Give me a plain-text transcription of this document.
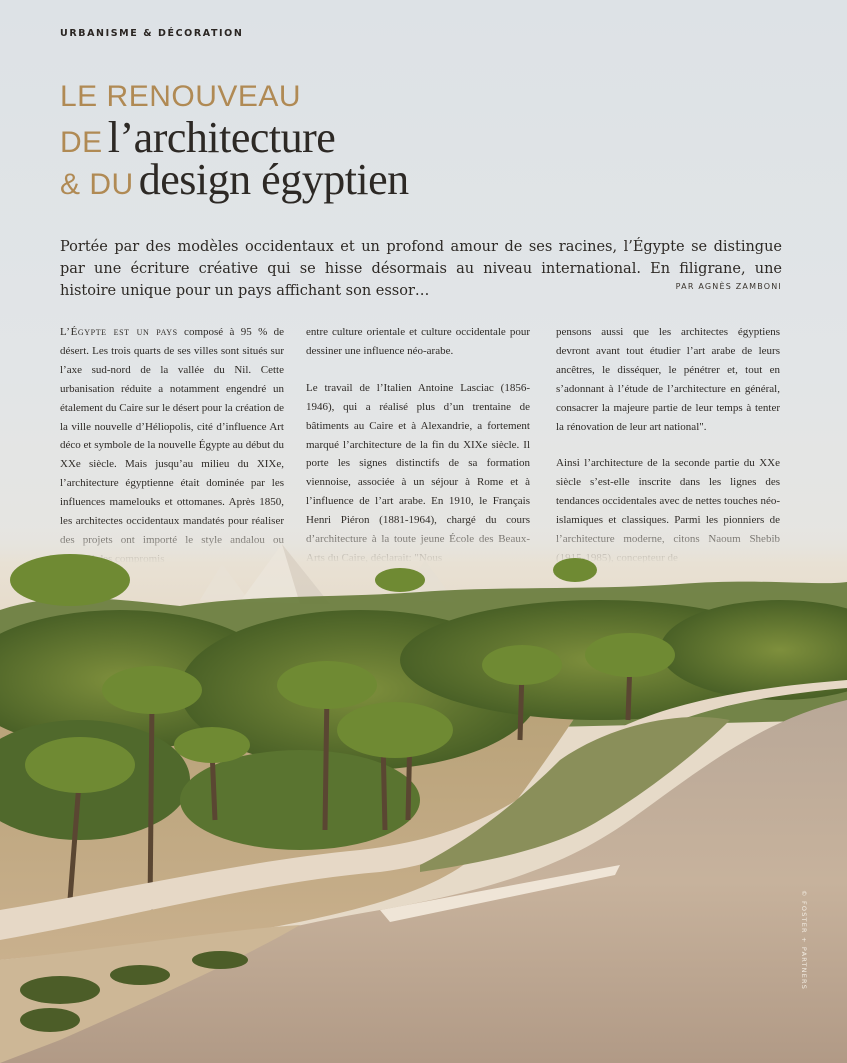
URBANISME & DÉCORATION
LE RENOUVEAU
DE l’architecture
& DU design égyptien
Portée par des modèles occidentaux et un profond amour de ses racines, l’Égypte se distingue par une écriture créative qui se hisse désormais au niveau international. En filigrane, une histoire unique pour un pays affichant son essor…	PAR AGNÈS ZAMBONI

L’Égypte est un pays composé à 95 % de désert. Les trois quarts de ses villes sont situés sur l’axe sud-nord de la vallée du Nil. Cette urbanisation réduite a notamment engendré un étalement du Caire sur le désert pour la création de la ville nouvelle d’Héliopolis, cité d’influence Art déco et symbole de la nouvelle Égypte au début du XXe siècle. Mais jusqu’au milieu du XIXe, l’architecture égyptienne était dominée par les influences mamelouks et ottomanes. Après 1850,

entre culture orientale et culture occidentale pour dessiner une influence néo-arabe.

Le travail de l’Italien Antoine Lasciac (1856-1946), qui a réalisé plus d’un trentaine de bâtiments au Caire et à Alexandrie, a fortement marqué l’architecture de la fin du XIXe siècle. Il porte les signes distinctifs de sa formation viennoise, associée à un séjour à Rome et à l’influence de l’art arabe. En 1910, le Français

pensons aussi que les architectes égyptiens devront avant tout étudier l’art arabe de leurs ancêtres, le disséquer, le pénétrer et, tout en s’adonnant à l’étude de l’architecture en général, consacrer la majeure partie de leur temps à tenter la rénovation de leur art national".

Ainsi l’architecture de la seconde partie du XXe siècle s’est-elle inscrite dans les lignes des tendances occidentales avec de nettes touches néo-

© FOSTER + PARTNERS
